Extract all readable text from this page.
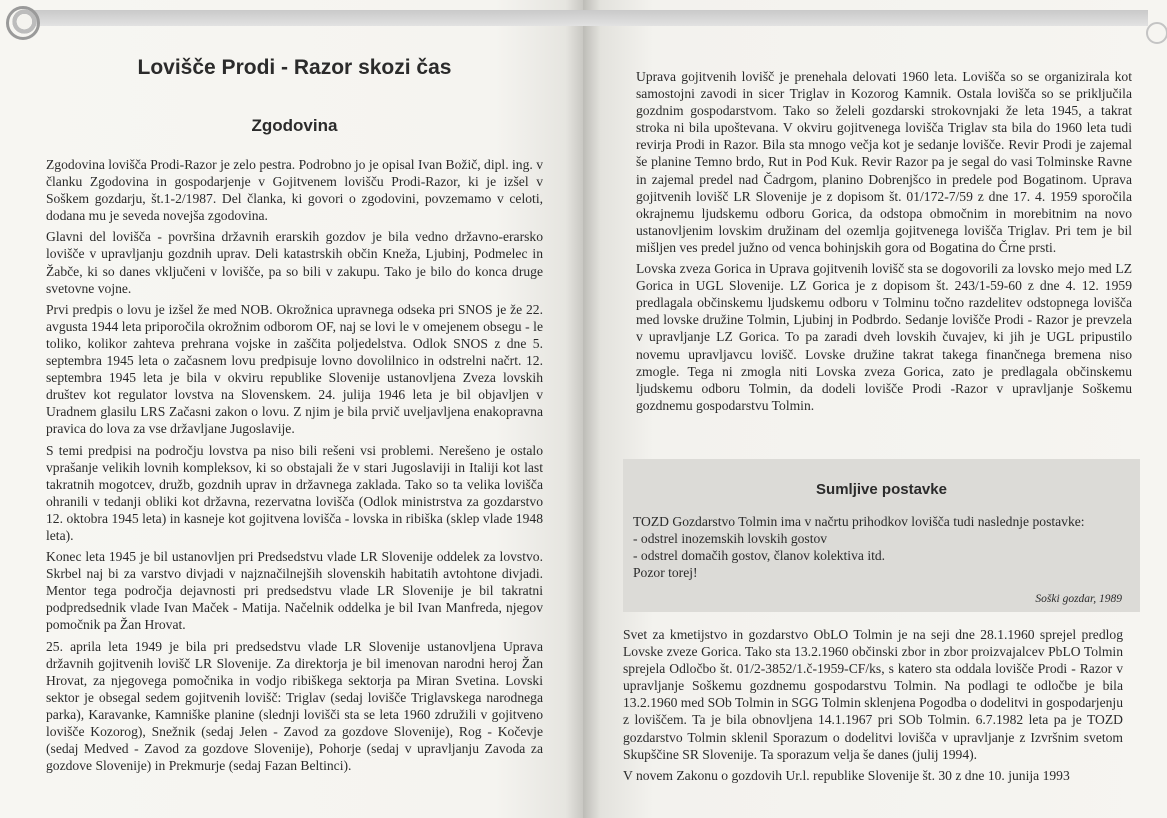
Lovišče Prodi - Razor skozi čas
Zgodovina

Zgodovina lovišča Prodi-Razor je zelo pestra. Podrobno jo je opisal Ivan Božič, dipl. ing. v članku Zgodovina in gospodarjenje v Gojitvenem lovišču Prodi-Razor, ki je izšel v Soškem gozdarju, št.1-2/1987. Del članka, ki govori o zgodovini, povzemamo v celoti, dodana mu je seveda novejša zgodovina.

Glavni del lovišča - površina državnih erarskih gozdov je bila vedno državno-erarsko lovišče v upravljanju gozdnih uprav. Deli katastrskih občin Kneža, Ljubinj, Podmelec in Žabče, ki so danes vključeni v lovišče, pa so bili v zakupu. Tako je bilo do konca druge svetovne vojne.

Prvi predpis o lovu je izšel že med NOB. Okrožnica upravnega odseka pri SNOS je že 22. avgusta 1944 leta priporočila okrožnim odborom OF, naj se lovi le v omejenem obsegu - le toliko, kolikor zahteva prehrana vojske in zaščita poljedelstva. Odlok SNOS z dne 5. septembra 1945 leta o začasnem lovu predpisuje lovno dovolilnico in odstrelni načrt. 12. septembra 1945 leta je bila v okviru republike Slovenije ustanovljena Zveza lovskih društev kot regulator lovstva na Slovenskem. 24. julija 1946 leta je bil objavljen v Uradnem glasilu LRS Začasni zakon o lovu. Z njim je bila prvič uveljavljena enakopravna pravica do lova za vse državljane Jugoslavije.

S temi predpisi na področju lovstva pa niso bili rešeni vsi problemi. Nerešeno je ostalo vprašanje velikih lovnih kompleksov, ki so obstajali že v stari Jugoslaviji in Italiji kot last takratnih mogotcev, družb, gozdnih uprav in državnega zaklada. Tako so ta velika lovišča ohranili v tedanji obliki kot državna, rezervatna lovišča (Odlok ministrstva za gozdarstvo 12. oktobra 1945 leta) in kasneje kot gojitvena lovišča - lovska in ribiška (sklep vlade 1948 leta).

Konec leta 1945 je bil ustanovljen pri Predsedstvu vlade LR Slovenije oddelek za lovstvo. Skrbel naj bi za varstvo divjadi v najznačilnejših slovenskih habitatih avtohtone divjadi. Mentor tega področja dejavnosti pri predsedstvu vlade LR Slovenije je bil takratni podpredsednik vlade Ivan Maček - Matija. Načelnik oddelka je bil Ivan Manfreda, njegov pomočnik pa Žan Hrovat.

25. aprila leta 1949 je bila pri predsedstvu vlade LR Slovenije ustanovljena Uprava državnih gojitvenih lovišč LR Slovenije. Za direktorja je bil imenovan narodni heroj Žan Hrovat, za njegovega pomočnika in vodjo ribiškega sektorja pa Miran Svetina. Lovski sektor je obsegal sedem gojitvenih lovišč: Triglav (sedaj lovišče Triglavskega narodnega parka), Karavanke, Kamniške planine (slednji lovišči sta se leta 1960 združili v gojitveno lovišče Kozorog), Snežnik (sedaj Jelen - Zavod za gozdove Slovenije), Rog - Kočevje (sedaj Medved - Zavod za gozdove Slovenije), Pohorje (sedaj v upravljanju Zavoda za gozdove Slovenije) in Prekmurje (sedaj Fazan Beltinci).

Uprava gojitvenih lovišč je prenehala delovati 1960 leta. Lovišča so se organizirala kot samostojni zavodi in sicer Triglav in Kozorog Kamnik. Ostala lovišča so se priključila gozdnim gospodarstvom. Tako so želeli gozdarski strokovnjaki že leta 1945, a takrat stroka ni bila upoštevana. V okviru gojitvenega lovišča Triglav sta bila do 1960 leta tudi revirja Prodi in Razor. Bila sta mnogo večja kot je sedanje lovišče. Revir Prodi je zajemal še planine Temno brdo, Rut in Pod Kuk. Revir Razor pa je segal do vasi Tolminske Ravne in zajemal predel nad Čadrgom, planino Dobrenjšco in predele pod Bogatinom. Uprava gojitvenih lovišč LR Slovenije je z dopisom št. 01/172-7/59 z dne 17. 4. 1959 sporočila okrajnemu ljudskemu odboru Gorica, da odstopa območnim in morebitnim na novo ustanovljenim lovskim družinam del ozemlja gojitvenega lovišča Triglav. Pri tem je bil mišljen ves predel južno od venca bohinjskih gora od Bogatina do Črne prsti.

Lovska zveza Gorica in Uprava gojitvenih lovišč sta se dogovorili za lovsko mejo med LZ Gorica in UGL Slovenije. LZ Gorica je z dopisom št. 243/1-59-60 z dne 4. 12. 1959 predlagala občinskemu ljudskemu odboru v Tolminu točno razdelitev odstopnega lovišča med lovske družine Tolmin, Ljubinj in Podbrdo. Sedanje lovišče Prodi - Razor je prevzela v upravljanje LZ Gorica. To pa zaradi dveh lovskih čuvajev, ki jih je UGL pripustilo novemu upravljavcu lovišč. Lovske družine takrat takega finančnega bremena niso zmogle. Tega ni zmogla niti Lovska zveza Gorica, zato je predlagala občinskemu ljudskemu odboru Tolmin, da dodeli lovišče Prodi -Razor v upravljanje Soškemu gozdnemu gospodarstvu Tolmin.

Sumljive postavke
TOZD Gozdarstvo Tolmin ima v načrtu prihodkov lovišča tudi naslednje postavke:
- odstrel inozemskih lovskih gostov
- odstrel domačih gostov, članov kolektiva itd.
Pozor torej!
Soški gozdar, 1989

Svet za kmetijstvo in gozdarstvo ObLO Tolmin je na seji dne 28.1.1960 sprejel predlog Lovske zveze Gorica. Tako sta 13.2.1960 občinski zbor in zbor proizvajalcev PbLO Tolmin sprejela Odločbo št. 01/2-3852/1.č-1959-CF/ks, s katero sta oddala lovišče Prodi - Razor v upravljanje Soškemu gozdnemu gospodarstvu Tolmin. Na podlagi te odločbe je bila 13.2.1960 med SOb Tolmin in SGG Tolmin sklenjena Pogodba o dodelitvi in gospodarjenju z loviščem. Ta je bila obnovljena 14.1.1967 pri SOb Tolmin. 6.7.1982 leta pa je TOZD gozdarstvo Tolmin sklenil Sporazum o dodelitvi lovišča v upravljanje z Izvršnim svetom Skupščine SR Slovenije. Ta sporazum velja še danes (julij 1994).

V novem Zakonu o gozdovih Ur.l. republike Slovenije št. 30 z dne 10. junija 1993
